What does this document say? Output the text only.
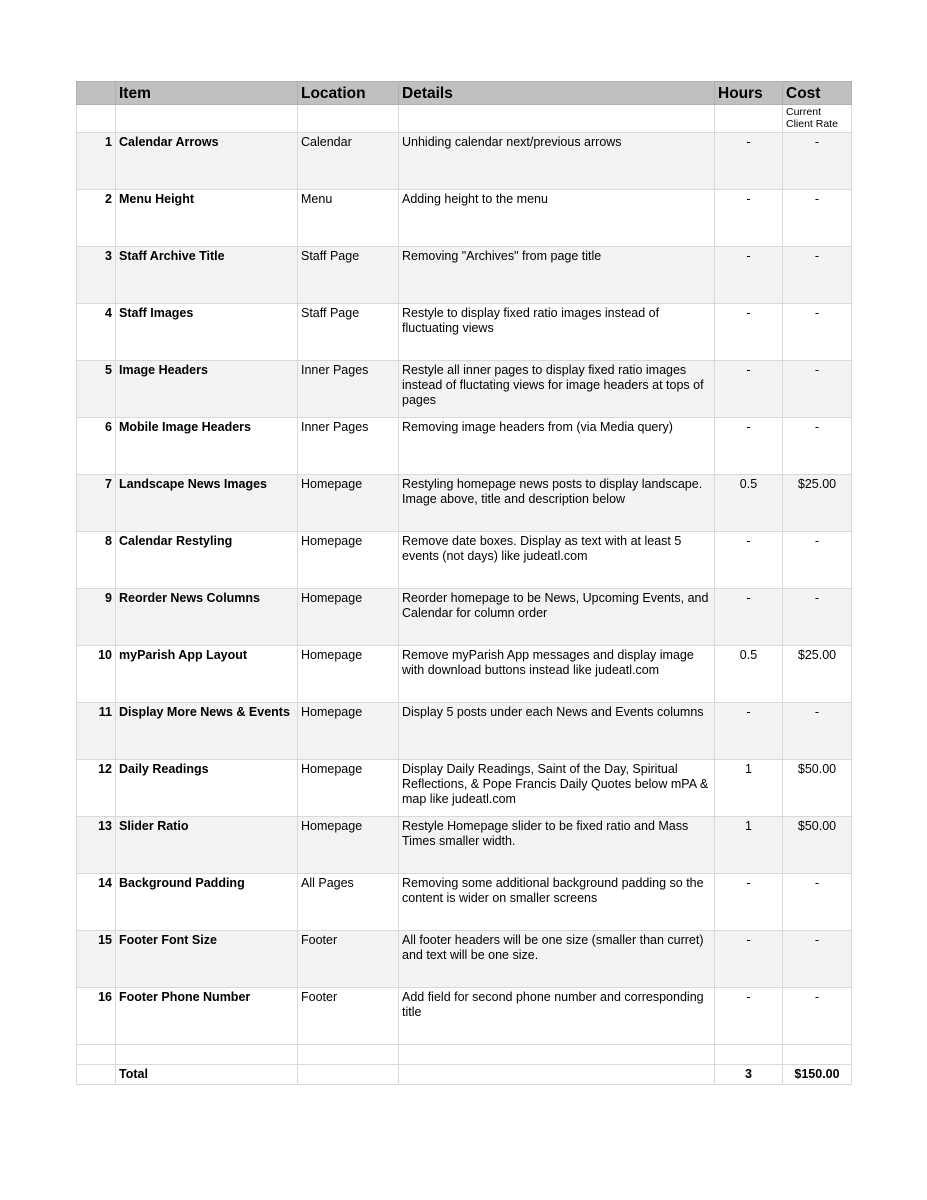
	Item	Location	Details	Hours	Cost
					Current Client Rate
1	Calendar Arrows	Calendar	Unhiding calendar next/previous arrows	-	-
2	Menu Height	Menu	Adding height to the menu	-	-
3	Staff Archive Title	Staff Page	Removing "Archives" from page title	-	-
4	Staff Images	Staff Page	Restyle to display fixed ratio images instead of fluctuating views	-	-
5	Image Headers	Inner Pages	Restyle all inner pages to display fixed ratio images instead of fluctating views for image headers at tops of pages	-	-
6	Mobile Image Headers	Inner Pages	Removing image headers from (via Media query)	-	-
7	Landscape News Images	Homepage	Restyling homepage news posts to display landscape. Image above, title and description below	0.5	$25.00
8	Calendar Restyling	Homepage	Remove date boxes. Display as text with at least 5 events (not days) like judeatl.com	-	-
9	Reorder News Columns	Homepage	Reorder homepage to be News, Upcoming Events, and Calendar for column order	-	-
10	myParish App Layout	Homepage	Remove myParish App messages and display image with download buttons instead like judeatl.com	0.5	$25.00
11	Display More News & Events	Homepage	Display 5 posts under each News and Events columns	-	-
12	Daily Readings	Homepage	Display Daily Readings, Saint of the Day, Spiritual Reflections, & Pope Francis Daily Quotes below mPA & map like judeatl.com	1	$50.00
13	Slider Ratio	Homepage	Restyle Homepage slider to be fixed ratio and Mass Times smaller width.	1	$50.00
14	Background Padding	All Pages	Removing some additional background padding so the content is wider on smaller screens	-	-
15	Footer Font Size	Footer	All footer headers will be one size (smaller than curret) and text will be one size.	-	-
16	Footer Phone Number	Footer	Add field for second phone number and corresponding title	-	-

	Total			3	$150.00
